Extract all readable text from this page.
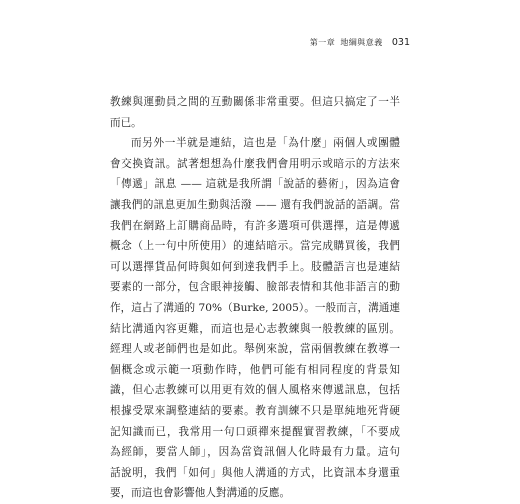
第一章 地綱與意義 031
教練與運動員之間的互動關係非常重要。但這只搞定了一半
而已。
而另外一半就是連結，這也是「為什麼」兩個人或團體
會交換資訊。試著想想為什麼我們會用明示或暗示的方法來
「傳遞」訊息 —— 這就是我所謂「說話的藝術」，因為這會
讓我們的訊息更加生動與活潑 —— 還有我們說話的語調。當
我們在網路上訂購商品時，有許多選項可供選擇，這是傳遞
概念（上一句中所使用）的連結暗示。當完成購買後，我們
可以選擇貨品何時與如何到達我們手上。肢體語言也是連結
要素的一部分，包含眼神接觸、臉部表情和其他非語言的動
作，這占了溝通的 70%（Burke, 2005）。一般而言，溝通連
結比溝通內容更難，而這也是心志教練與一般教練的區別。
經理人或老師們也是如此。舉例來說，當兩個教練在教導一
個概念或示範一項動作時，他們可能有相同程度的背景知
識，但心志教練可以用更有效的個人風格來傳遞訊息，包括
根據受眾來調整連結的要素。教育訓練不只是單純地死背硬
記知識而已，我常用一句口頭禪來提醒實習教練，「不要成
為經師，要當人師」，因為當資訊個人化時最有力量。這句
話說明，我們「如何」與他人溝通的方式，比資訊本身還重
要，而這也會影響他人對溝通的反應。
